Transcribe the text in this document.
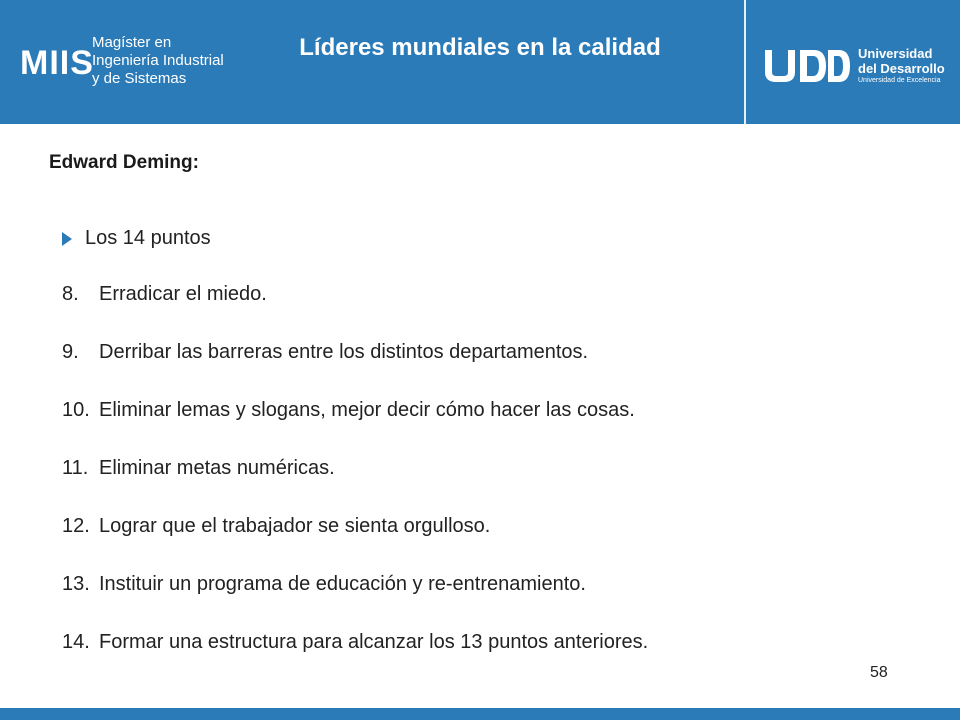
MIIS
Magíster en
Ingeniería Industrial
y de Sistemas
Líderes mundiales en la calidad	Universidad
del Desarrollo
Universidad de Excelencia
Edward Deming:
Los 14 puntos
8.	Erradicar el miedo.
9.	Derribar las barreras entre los distintos departamentos.
10. Eliminar lemas y slogans, mejor decir cómo hacer las cosas.
11. Eliminar metas numéricas.
12. Lograr que el trabajador se sienta orgulloso.
13. Instituir un programa de educación y re-entrenamiento.
14. Formar una estructura para alcanzar los 13 puntos anteriores.
58
